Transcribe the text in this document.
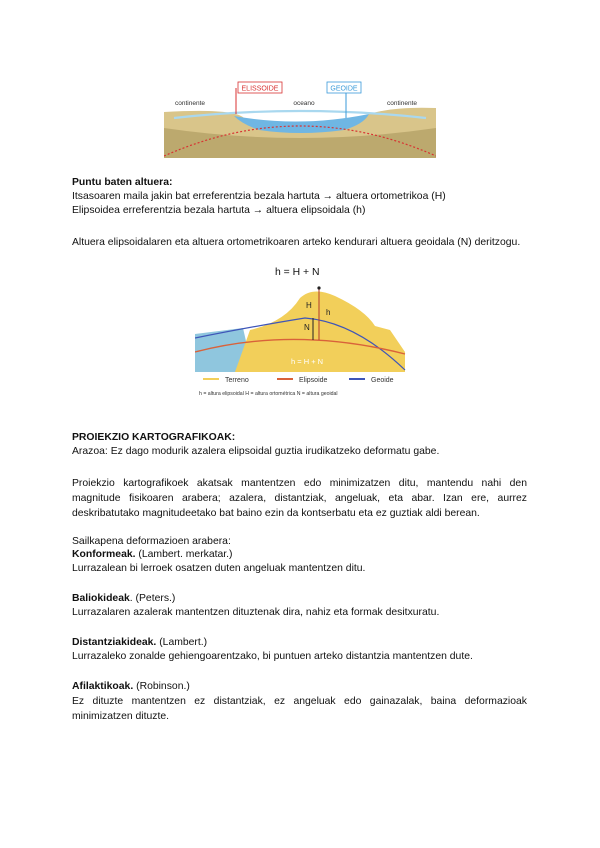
ELISSOIDE	GEOIDE
continente	oceano	continente
Puntu baten altuera:
Itsasoaren maila jakin bat erreferentzia bezala hartuta → altuera ortometrikoa (H)
Elipsoidea erreferentzia bezala hartuta → altuera elipsoidala (h)
Altuera elipsoidalaren eta altuera ortometrikoaren arteko kendurari altuera geoidala (N) deritzogu.
h = H + N
H
h
N
h = H + N
Terreno	Elipsoide	Geoide
h = altura elipsoidal H = altura ortométrica N = altura geoidal
PROIEKZIO KARTOGRAFIKOAK:
Arazoa: Ez dago modurik azalera elipsoidal guztia irudikatzeko deformatu gabe.
Proiekzio kartografikoek akatsak mantentzen edo minimizatzen ditu, mantendu nahi den magnitude fisikoaren arabera; azalera, distantziak, angeluak, eta abar. Izan ere, aurrez deskribatutako magnitudeetako bat baino ezin da kontserbatu eta ez guztiak aldi berean.
Sailkapena deformazioen arabera:
Konformeak. (Lambert. merkatar.)
Lurrazalean bi lerroek osatzen duten angeluak mantentzen ditu.
Baliokideak. (Peters.)
Lurrazalaren azalerak mantentzen dituztenak dira, nahiz eta formak desitxuratu.
Distantziakideak. (Lambert.)
Lurrazaleko zonalde gehiengoarentzako, bi puntuen arteko distantzia mantentzen dute.
Afilaktikoak. (Robinson.)
Ez dituzte mantentzen ez distantziak, ez angeluak edo gainazalak, baina deformazioak minimizatzen dituzte.
